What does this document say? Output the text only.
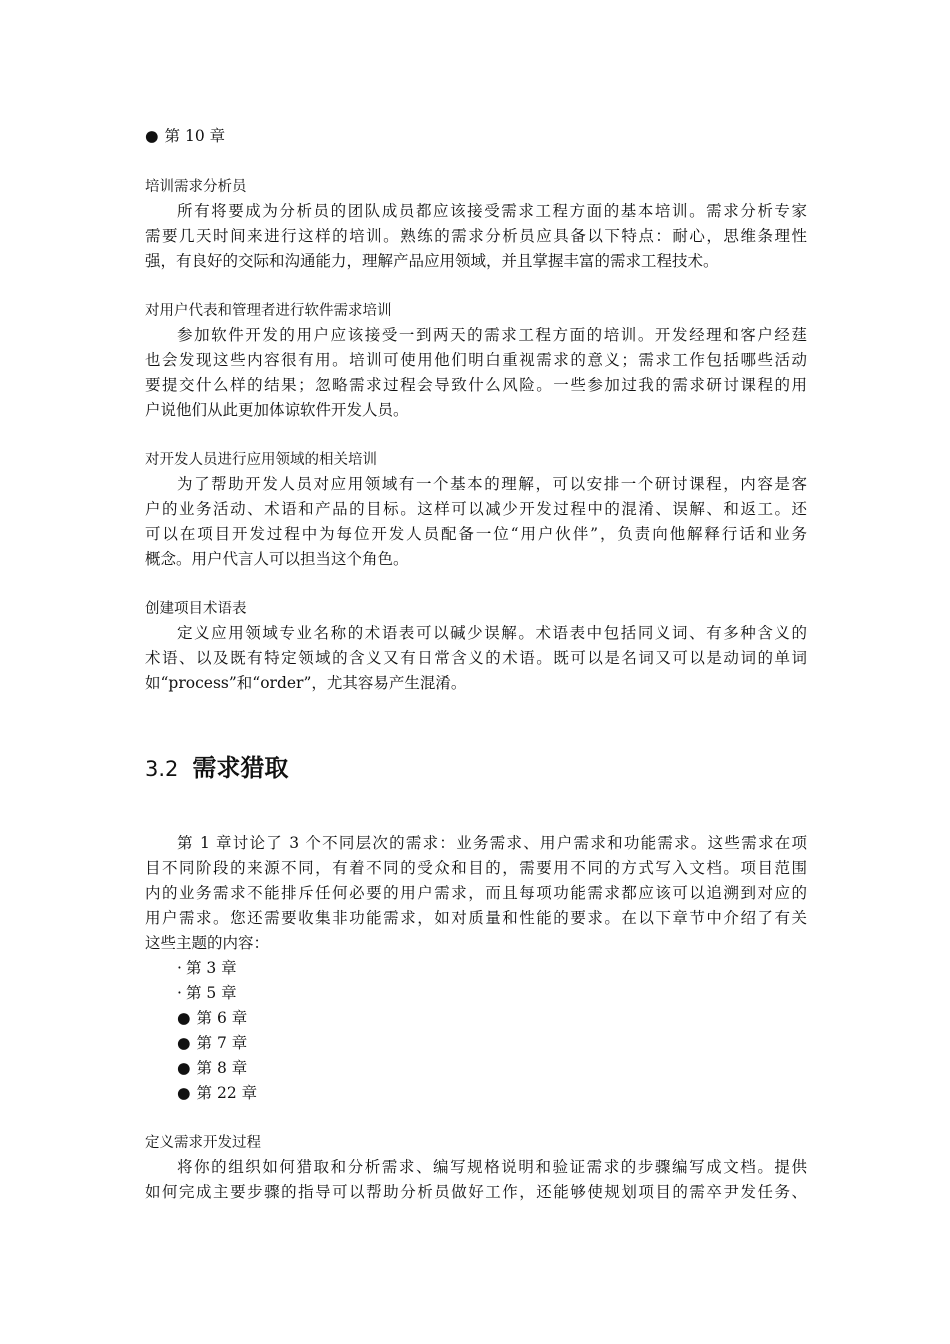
● 第 10 章
培训需求分析员
所有将要成为分析员的团队成员都应该接受需求工程方面的基本培训。需求分析专家
需要几天时间来进行这样的培训。熟练的需求分析员应具备以下特点：耐心，思维条理性
强，有良好的交际和沟通能力，理解产品应用领域，并且掌握丰富的需求工程技术。
对用户代表和管理者进行软件需求培训
参加软件开发的用户应该接受一到两天的需求工程方面的培训。开发经理和客户经莛
也会发现这些内容很有用。培训可使用他们明白重视需求的意义；需求工作包括哪些活动
要提交什么样的结果；忽略需求过程会导致什么风险。一些参加过我的需求研讨课程的用
户说他们从此更加体谅软件开发人员。
对开发人员进行应用领域的相关培训
为了帮助开发人员对应用领域有一个基本的理解，可以安排一个研讨课程，内容是客
户的业务活动、术语和产品的目标。这样可以减少开发过程中的混淆、误解、和返工。还
可以在项目开发过程中为每位开发人员配备一位“用户伙伴”，负责向他解释行话和业务
概念。用户代言人可以担当这个角色。
创建项目术语表
定义应用领域专业名称的术语表可以碱少误解。术语表中包括同义词、有多种含义的
术语、以及既有特定领域的含义又有日常含义的术语。既可以是名词又可以是动词的单词
如“process”和“order”，尤其容易产生混淆。
3.2 需求猎取
第 1 章讨论了 3 个不同层次的需求：业务需求、用户需求和功能需求。这些需求在项
目不同阶段的来源不同，有着不同的受众和目的，需要用不同的方式写入文档。项目范围
内的业务需求不能排斥任何必要的用户需求，而且每项功能需求都应该可以追溯到对应的
用户需求。您还需要收集非功能需求，如对质量和性能的要求。在以下章节中介绍了有关
这些主题的内容：
· 第 3 章
· 第 5 章
● 第 6 章
● 第 7 章
● 第 8 章
● 第 22 章
定义需求开发过程
将你的组织如何猎取和分析需求、编写规格说明和验证需求的步骤编写成文档。提供
如何完成主要步骤的指导可以帮助分析员做好工作，还能够使规划项目的需卒尹发任务、
